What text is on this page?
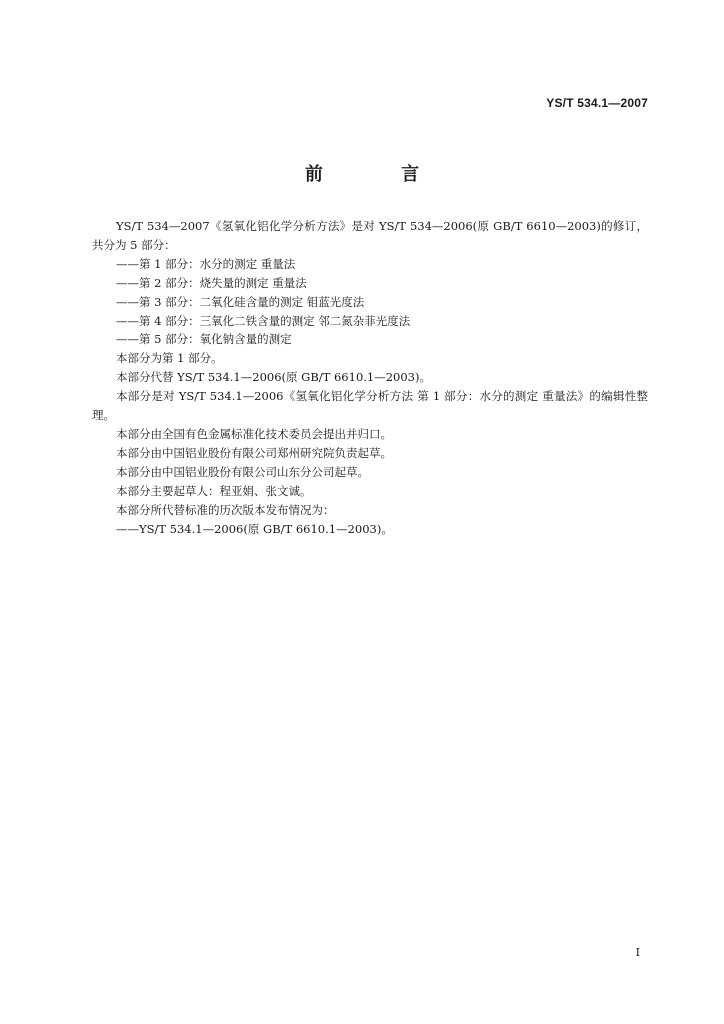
YS/T 534.1—2007
前 言

YS/T 534—2007《氢氧化铝化学分析方法》是对 YS/T 534—2006(原 GB/T 6610—2003)的修订，共分为 5 部分：

——第 1 部分：水分的测定 重量法

——第 2 部分：烧失量的测定 重量法

——第 3 部分：二氧化硅含量的测定 钼蓝光度法

——第 4 部分：三氧化二铁含量的测定 邻二氮杂菲光度法

——第 5 部分：氧化钠含量的测定

本部分为第 1 部分。

本部分代替 YS/T 534.1—2006(原 GB/T 6610.1—2003)。

本部分是对 YS/T 534.1—2006《氢氧化铝化学分析方法 第 1 部分：水分的测定 重量法》的编辑性整理。

本部分由全国有色金属标准化技术委员会提出并归口。

本部分由中国铝业股份有限公司郑州研究院负责起草。

本部分由中国铝业股份有限公司山东分公司起草。

本部分主要起草人：程亚娟、张文诚。

本部分所代替标准的历次版本发布情况为：

——YS/T 534.1—2006(原 GB/T 6610.1—2003)。

I
